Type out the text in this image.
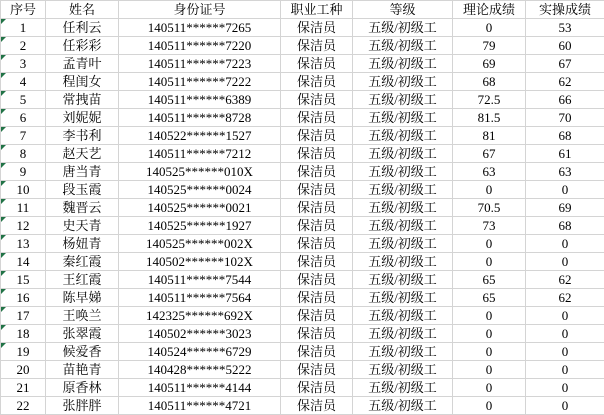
序号	姓名	身份证号	职业工种	等级	理论成绩	实操成绩
1	任利云	140511******7265	保洁员	五级/初级工	0	53
2	任彩彩	140511******7220	保洁员	五级/初级工	79	60
3	孟青叶	140511******7223	保洁员	五级/初级工	69	67
4	程闺女	140511******7222	保洁员	五级/初级工	68	62
5	常拽苗	140511******6389	保洁员	五级/初级工	72.5	66
6	刘妮妮	140511******8728	保洁员	五级/初级工	81.5	70
7	李书利	140522******1527	保洁员	五级/初级工	81	68
8	赵天艺	140511******7212	保洁员	五级/初级工	67	61
9	唐当青	140525******010X	保洁员	五级/初级工	63	63
10	段玉霞	140525******0024	保洁员	五级/初级工	0	0
11	魏晋云	140525******0021	保洁员	五级/初级工	70.5	69
12	史天青	140525******1927	保洁员	五级/初级工	73	68
13	杨妞青	140525******002X	保洁员	五级/初级工	0	0
14	秦红霞	140502******102X	保洁员	五级/初级工	0	0
15	王红霞	140511******7544	保洁员	五级/初级工	65	62
16	陈早娣	140511******7564	保洁员	五级/初级工	65	62
17	王唤兰	142325******692X	保洁员	五级/初级工	0	0
18	张翠霞	140502******3023	保洁员	五级/初级工	0	0
19	候爱香	140524******6729	保洁员	五级/初级工	0	0
20	苗艳青	140428******5222	保洁员	五级/初级工	0	0
21	原香林	140511******4144	保洁员	五级/初级工	0	0
22	张胖胖	140511******4721	保洁员	五级/初级工	0	0
